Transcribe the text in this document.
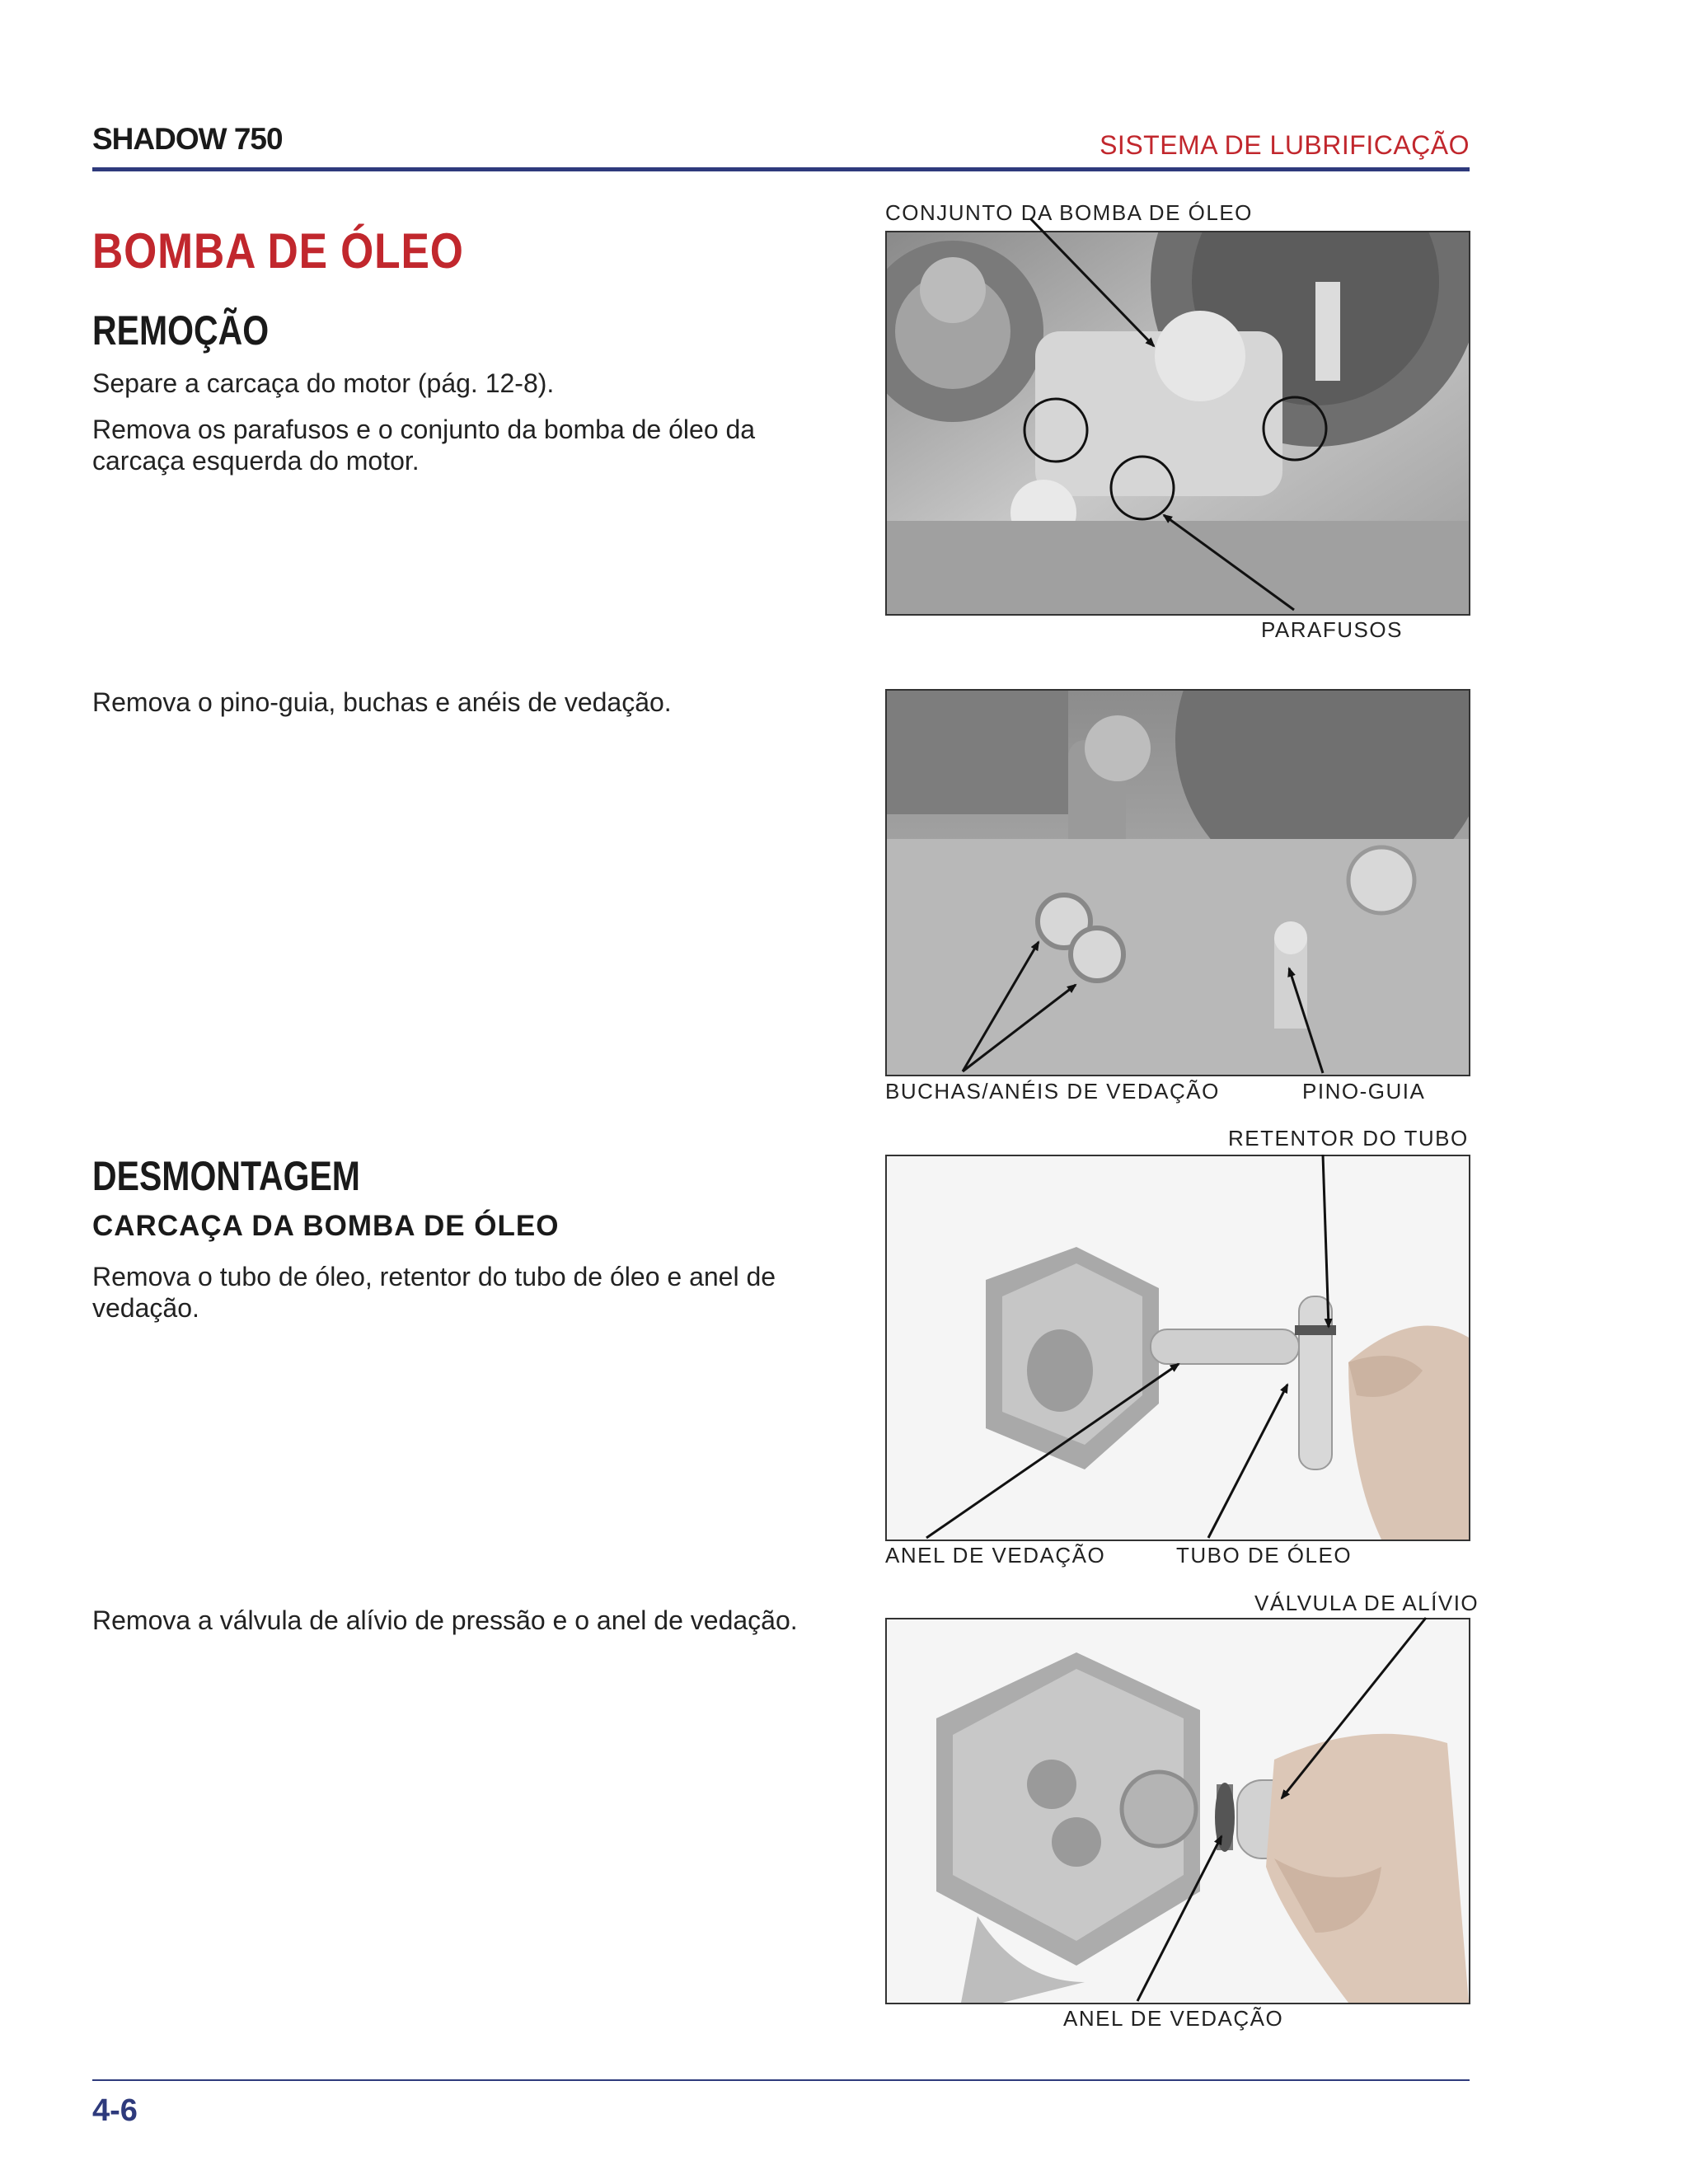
SHADOW 750	SISTEMA DE LUBRIFICAÇÃO
BOMBA DE ÓLEO
REMOÇÃO
Separe a carcaça do motor (pág. 12-8).
Remova os parafusos e o conjunto da bomba de óleo da
carcaça esquerda do motor.
Remova o pino-guia, buchas e anéis de vedação.
DESMONTAGEM
CARCAÇA DA BOMBA DE ÓLEO
Remova o tubo de óleo, retentor do tubo de óleo e anel de
vedação.
Remova a válvula de alívio de pressão e o anel de vedação.
CONJUNTO DA BOMBA DE ÓLEO
PARAFUSOS
BUCHAS/ANÉIS DE VEDAÇÃO	PINO-GUIA
RETENTOR DO TUBO
ANEL DE VEDAÇÃO	TUBO DE ÓLEO
VÁLVULA DE ALÍVIO
ANEL DE VEDAÇÃO
4-6
